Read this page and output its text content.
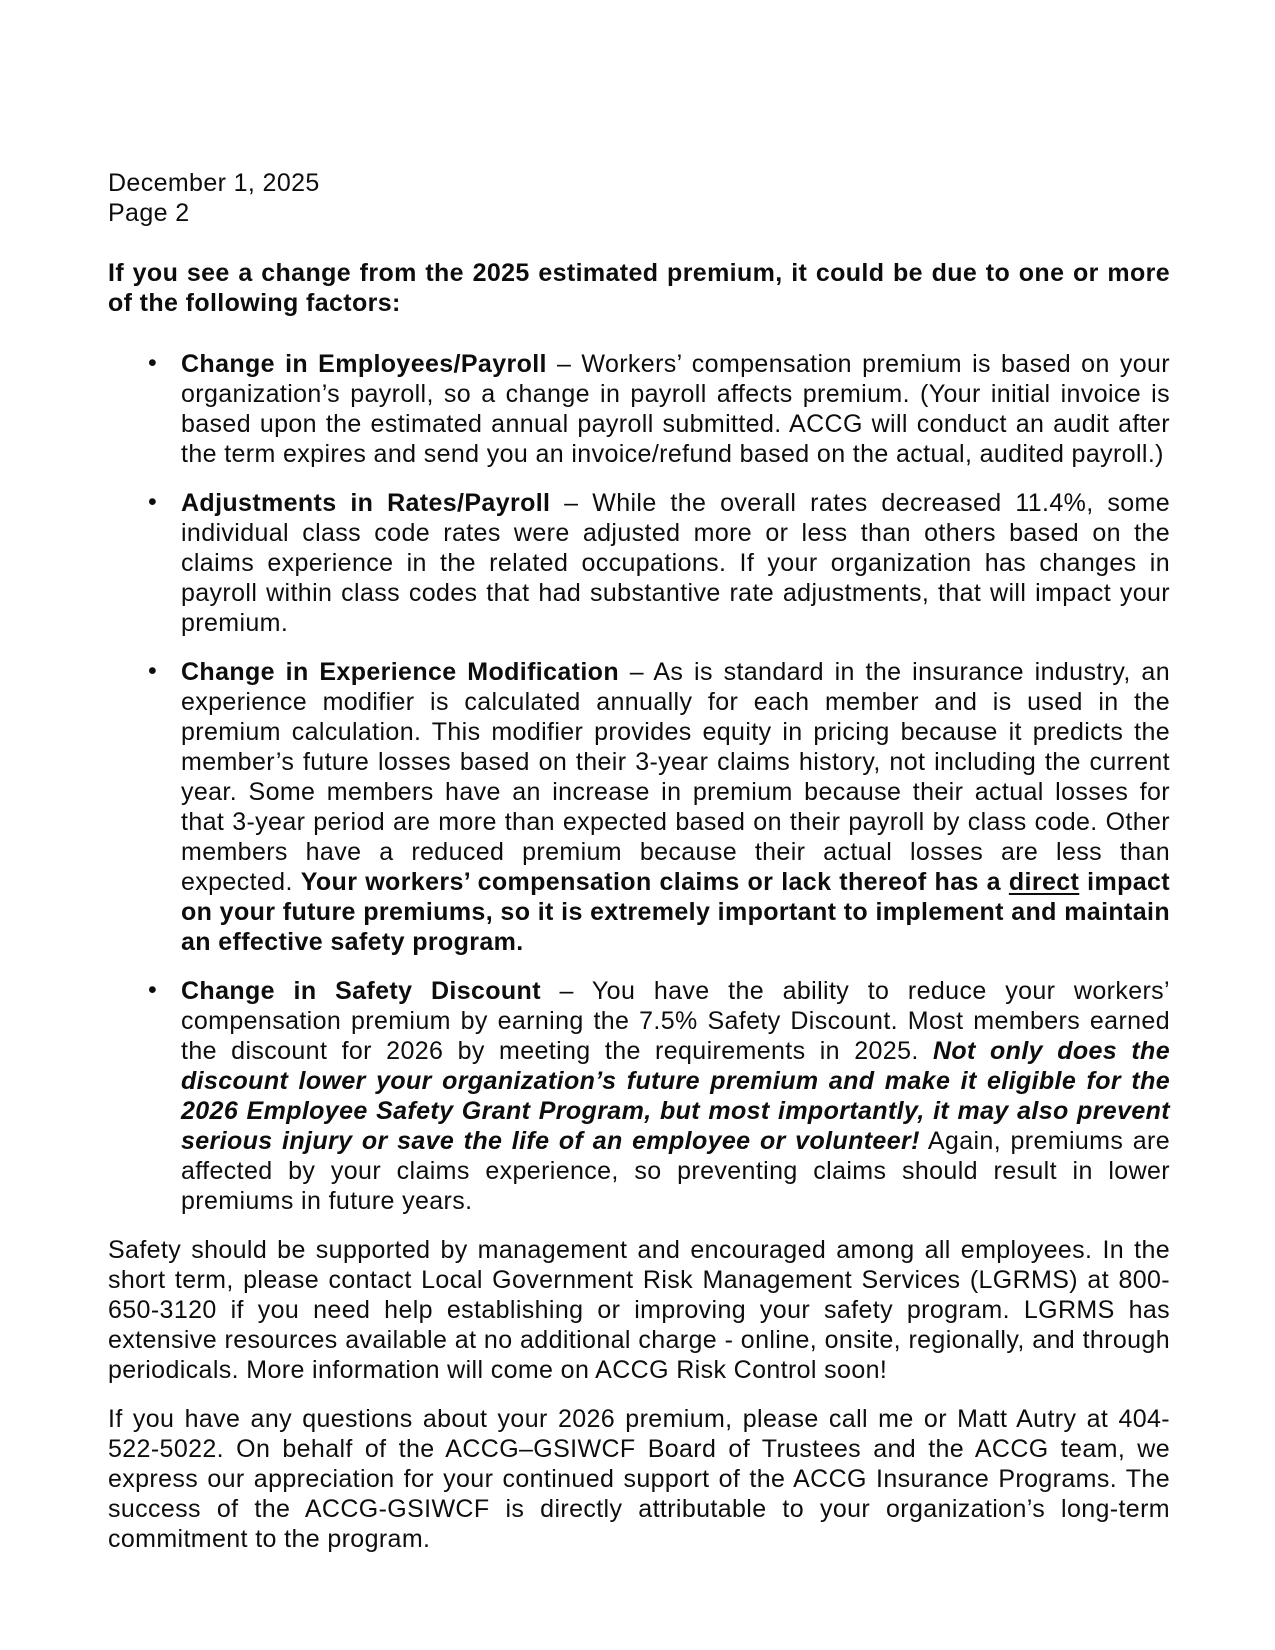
December 1, 2025

Page 2

If you see a change from the 2025 estimated premium, it could be due to one or more of the following factors:

• Change in Employees/Payroll – Workers’ compensation premium is based on your organization’s payroll, so a change in payroll affects premium. (Your initial invoice is based upon the estimated annual payroll submitted. ACCG will conduct an audit after the term expires and send you an invoice/refund based on the actual, audited payroll.)
• Adjustments in Rates/Payroll – While the overall rates decreased 11.4%, some individual class code rates were adjusted more or less than others based on the claims experience in the related occupations. If your organization has changes in payroll within class codes that had substantive rate adjustments, that will impact your premium.
• Change in Experience Modification – As is standard in the insurance industry, an experience modifier is calculated annually for each member and is used in the premium calculation. This modifier provides equity in pricing because it predicts the member’s future losses based on their 3-year claims history, not including the current year. Some members have an increase in premium because their actual losses for that 3-year period are more than expected based on their payroll by class code. Other members have a reduced premium because their actual losses are less than expected. Your workers’ compensation claims or lack thereof has a direct impact on your future premiums, so it is extremely important to implement and maintain an effective safety program.
• Change in Safety Discount – You have the ability to reduce your workers’ compensation premium by earning the 7.5% Safety Discount. Most members earned the discount for 2026 by meeting the requirements in 2025. Not only does the discount lower your organization’s future premium and make it eligible for the 2026 Employee Safety Grant Program, but most importantly, it may also prevent serious injury or save the life of an employee or volunteer! Again, premiums are affected by your claims experience, so preventing claims should result in lower premiums in future years.

Safety should be supported by management and encouraged among all employees. In the short term, please contact Local Government Risk Management Services (LGRMS) at 800-650-3120 if you need help establishing or improving your safety program. LGRMS has extensive resources available at no additional charge - online, onsite, regionally, and through periodicals. More information will come on ACCG Risk Control soon!

If you have any questions about your 2026 premium, please call me or Matt Autry at 404-522-5022. On behalf of the ACCG–GSIWCF Board of Trustees and the ACCG team, we express our appreciation for your continued support of the ACCG Insurance Programs. The success of the ACCG-GSIWCF is directly attributable to your organization’s long-term commitment to the program.
